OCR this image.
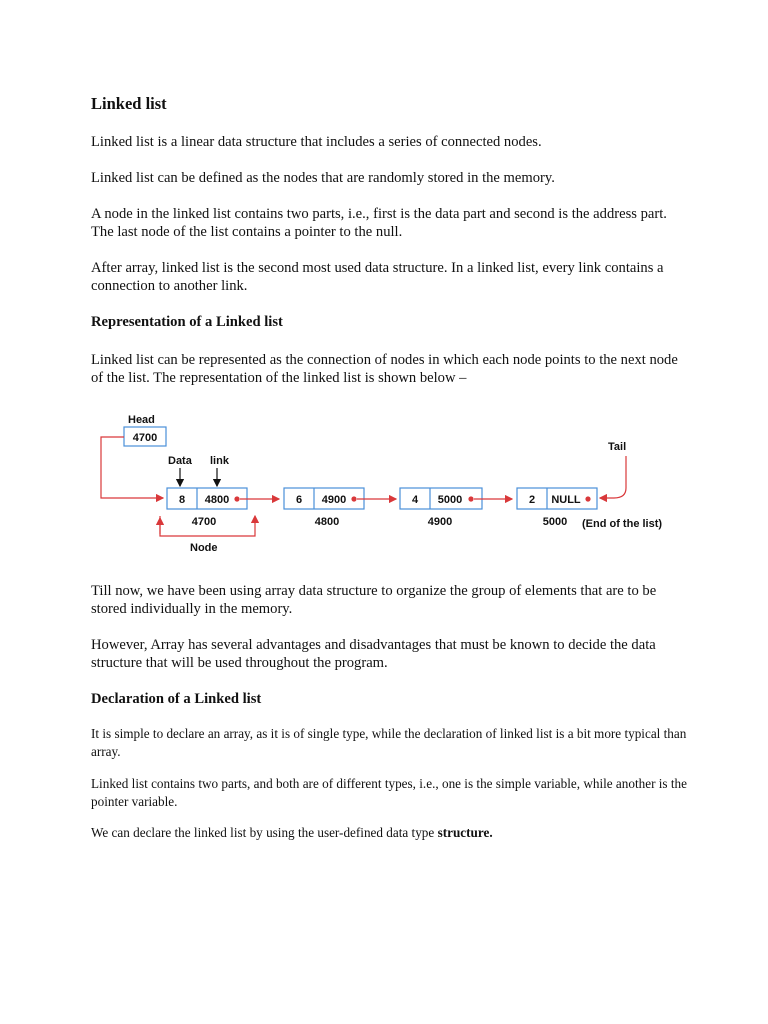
Linked list

Linked list is a linear data structure that includes a series of connected nodes.

Linked list can be defined as the nodes that are randomly stored in the memory.

A node in the linked list contains two parts, i.e., first is the data part and second is the address part. The last node of the list contains a pointer to the null.

After array, linked list is the second most used data structure. In a linked list, every link contains a connection to another link.

Representation of a Linked list

Linked list can be represented as the connection of nodes in which each node points to the next node of the list. The representation of the linked list is shown below –

Head
4700
Data link
Tail
8 4800
4700
6 4900
4800
4 5000
4900
2 NULL
5000 (End of the list)
Node

Till now, we have been using array data structure to organize the group of elements that are to be stored individually in the memory.

However, Array has several advantages and disadvantages that must be known to decide the data structure that will be used throughout the program.

Declaration of a Linked list

It is simple to declare an array, as it is of single type, while the declaration of linked list is a bit more typical than array.

Linked list contains two parts, and both are of different types, i.e., one is the simple variable, while another is the pointer variable.

We can declare the linked list by using the user-defined data type structure.
